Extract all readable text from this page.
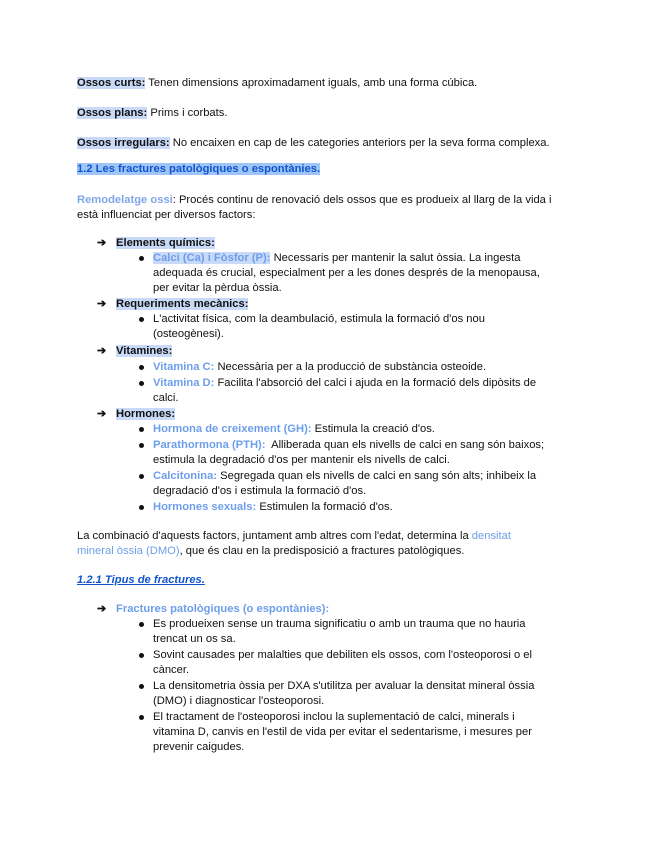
Ossos curts: Tenen dimensions aproximadament iguals, amb una forma cúbica.
Ossos plans: Prims i corbats.
Ossos irregulars: No encaixen en cap de les categories anteriors per la seva forma complexa.
1.2 Les fractures patològiques o espontànies.
Remodelatge ossi: Procés continu de renovació dels ossos que es produeix al llarg de la vida i
està influenciat per diversos factors:
➔ Elements químics:
Calci (Ca) i Fòsfor (P): Necessaris per mantenir la salut òssia. La ingesta
adequada és crucial, especialment per a les dones després de la menopausa,
per evitar la pèrdua òssia.
➔ Requeriments mecànics:
L'activitat física, com la deambulació, estimula la formació d'os nou
(osteogènesi).
➔ Vitamines:
Vitamina C: Necessària per a la producció de substància osteoide.
Vitamina D: Facilita l'absorció del calci i ajuda en la formació dels dipòsits de
calci.
➔ Hormones:
Hormona de creixement (GH): Estimula la creació d'os.
Parathormona (PTH):  Alliberada quan els nivells de calci en sang són baixos;
estimula la degradació d'os per mantenir els nivells de calci.
Calcitonina: Segregada quan els nivells de calci en sang són alts; inhibeix la
degradació d'os i estimula la formació d'os.
Hormones sexuals: Estimulen la formació d'os.
La combinació d'aquests factors, juntament amb altres com l'edat, determina la densitat
mineral òssia (DMO), que és clau en la predisposició a fractures patològiques.
1.2.1 Tipus de fractures.
➔ Fractures patològiques (o espontànies):
Es produeixen sense un trauma significatiu o amb un trauma que no hauria
trencat un os sa.
Sovint causades per malalties que debiliten els ossos, com l'osteoporosi o el
càncer.
La densitometria òssia per DXA s'utilitza per avaluar la densitat mineral òssia
(DMO) i diagnosticar l'osteoporosi.
El tractament de l'osteoporosi inclou la suplementació de calci, minerals i
vitamina D, canvis en l'estil de vida per evitar el sedentarisme, i mesures per
prevenir caigudes.
